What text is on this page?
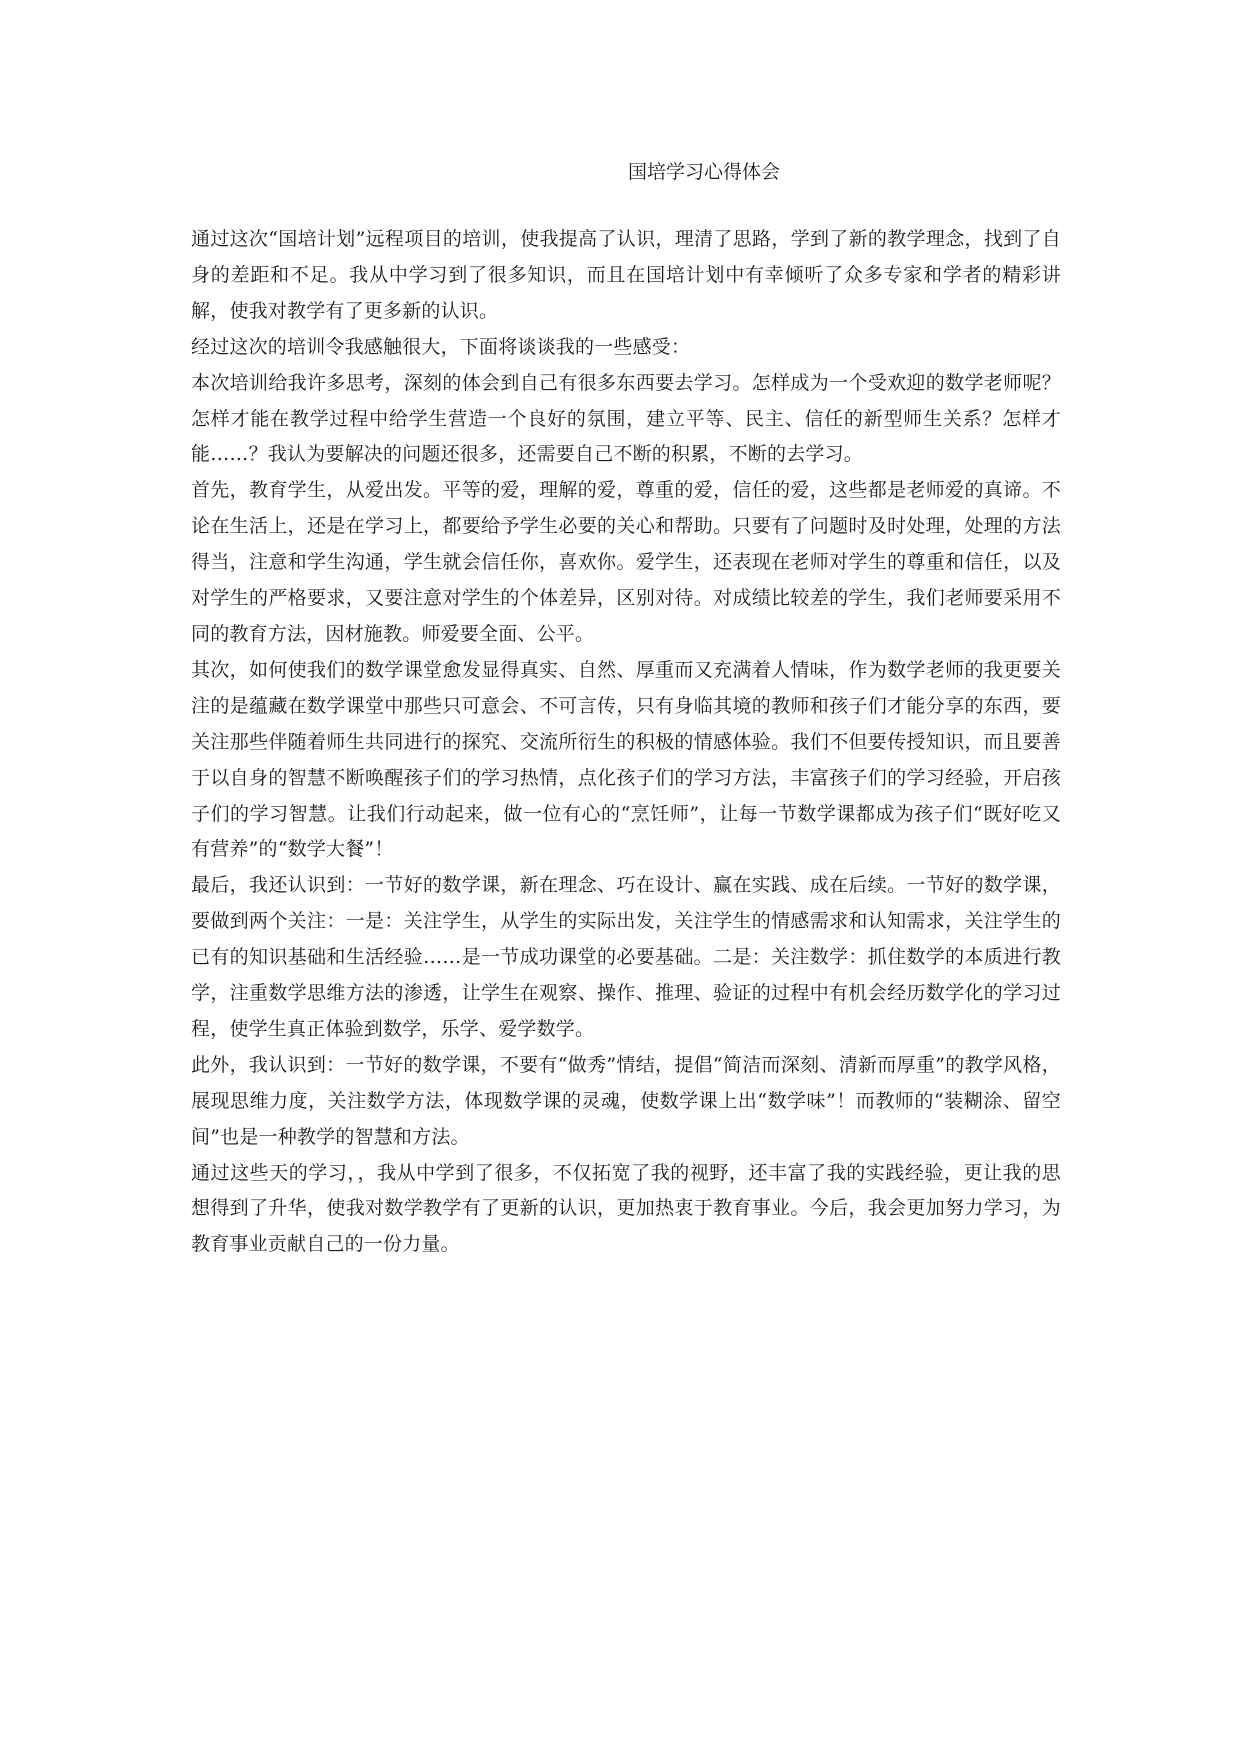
国培学习心得体会

通过这次“国培计划”远程项目的培训，使我提高了认识，理清了思路，学到了新的教学理念，找到了自身的差距和不足。我从中学习到了很多知识，而且在国培计划中有幸倾听了众多专家和学者的精彩讲解，使我对教学有了更多新的认识。

经过这次的培训令我感触很大，下面将谈谈我的一些感受：

本次培训给我许多思考，深刻的体会到自己有很多东西要去学习。怎样成为一个受欢迎的数学老师呢？怎样才能在教学过程中给学生营造一个良好的氛围，建立平等、民主、信任的新型师生关系？怎样才能……？我认为要解决的问题还很多，还需要自己不断的积累，不断的去学习。

首先，教育学生，从爱出发。平等的爱，理解的爱，尊重的爱，信任的爱，这些都是老师爱的真谛。不论在生活上，还是在学习上，都要给予学生必要的关心和帮助。只要有了问题时及时处理，处理的方法得当，注意和学生沟通，学生就会信任你，喜欢你。爱学生，还表现在老师对学生的尊重和信任，以及对学生的严格要求，又要注意对学生的个体差异，区别对待。对成绩比较差的学生，我们老师要采用不同的教育方法，因材施教。师爱要全面、公平。

其次，如何使我们的数学课堂愈发显得真实、自然、厚重而又充满着人情味，作为数学老师的我更要关注的是蕴藏在数学课堂中那些只可意会、不可言传，只有身临其境的教师和孩子们才能分享的东西，要关注那些伴随着师生共同进行的探究、交流所衍生的积极的情感体验。我们不但要传授知识，而且要善于以自身的智慧不断唤醒孩子们的学习热情，点化孩子们的学习方法，丰富孩子们的学习经验，开启孩子们的学习智慧。让我们行动起来，做一位有心的“烹饪师”，让每一节数学课都成为孩子们“既好吃又有营养”的“数学大餐”！

最后，我还认识到：一节好的数学课，新在理念、巧在设计、赢在实践、成在后续。一节好的数学课，要做到两个关注：一是：关注学生，从学生的实际出发，关注学生的情感需求和认知需求，关注学生的已有的知识基础和生活经验……是一节成功课堂的必要基础。二是：关注数学：抓住数学的本质进行教学，注重数学思维方法的渗透，让学生在观察、操作、推理、验证的过程中有机会经历数学化的学习过程，使学生真正体验到数学，乐学、爱学数学。

此外，我认识到：一节好的数学课，不要有“做秀”情结，提倡“简洁而深刻、清新而厚重”的教学风格，展现思维力度，关注数学方法，体现数学课的灵魂，使数学课上出“数学味”！而教师的“装糊涂、留空间”也是一种教学的智慧和方法。

通过这些天的学习，，我从中学到了很多，不仅拓宽了我的视野，还丰富了我的实践经验，更让我的思想得到了升华，使我对数学教学有了更新的认识，更加热衷于教育事业。今后，我会更加努力学习，为教育事业贡献自己的一份力量。
